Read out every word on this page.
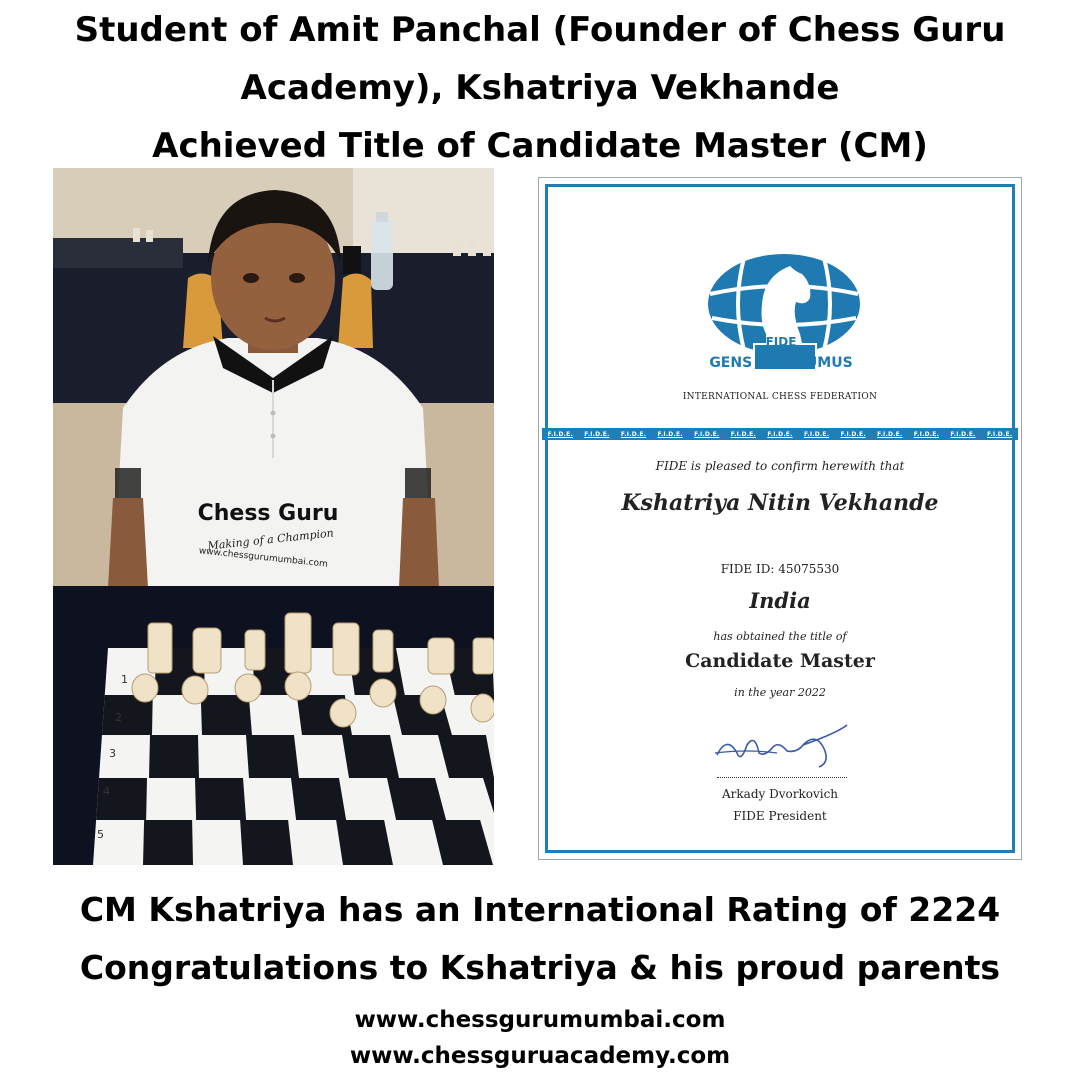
Student of Amit Panchal (Founder of Chess Guru
Academy), Kshatriya Vekhande
Achieved Title of Candidate Master (CM)
Chess Guru
Making of a Champion
www.chessgurumumbai.com
1
2
3
4
5
FIDE
GENS UNA SUMUS
INTERNATIONAL CHESS FEDERATION
F.I.D.E. F.I.D.E. F.I.D.E. F.I.D.E. F.I.D.E. F.I.D.E. F.I.D.E. F.I.D.E. F.I.D.E. F.I.D.E. F.I.D.E. F.I.D.E. F.I.D.E.
FIDE is pleased to confirm herewith that
Kshatriya Nitin Vekhande
FIDE ID: 45075530
India
has obtained the title of
Candidate Master
in the year 2022
Arkady Dvorkovich
FIDE President
CM Kshatriya has an International Rating of 2224
Congratulations to Kshatriya & his proud parents
www.chessgurumumbai.com
www.chessguruacademy.com
